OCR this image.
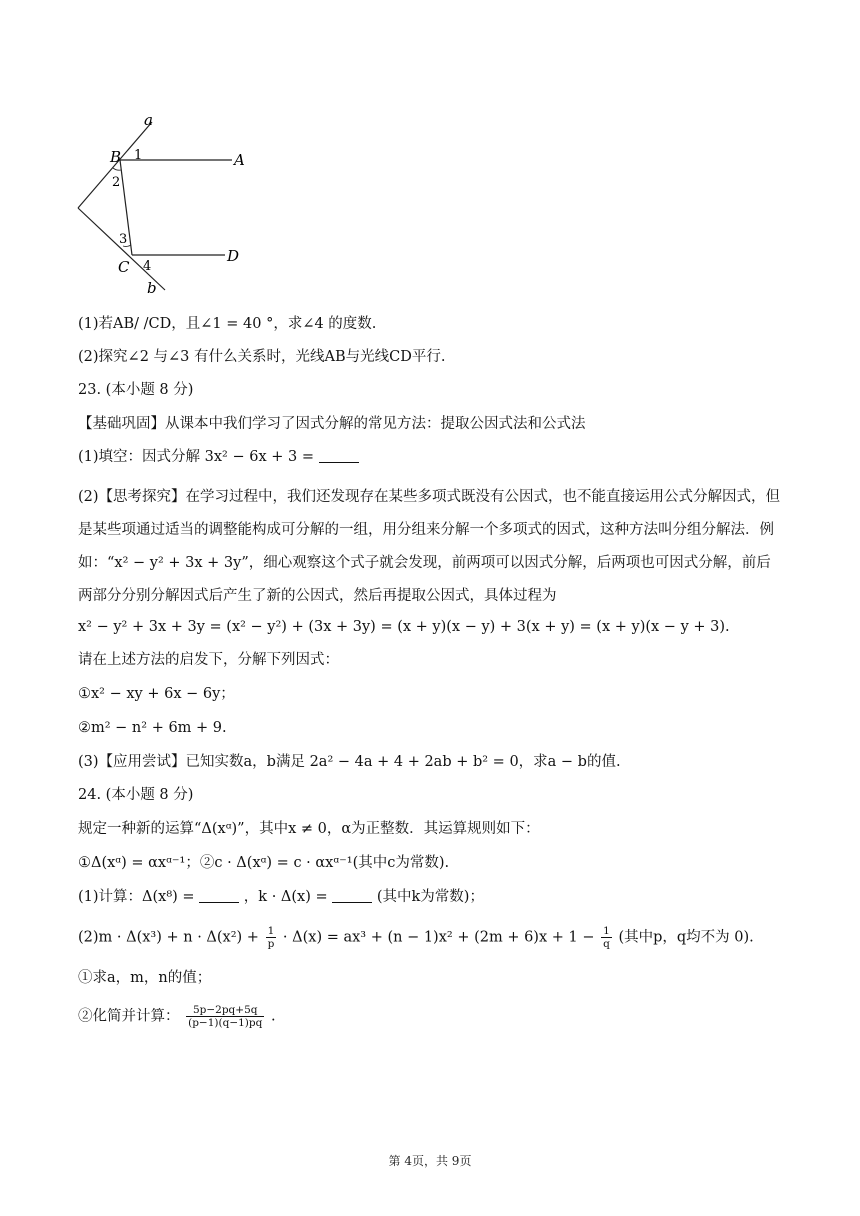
a
b
B
C
A
D
1
2
3
4
(1)若AB/ /CD，且∠1 = 40 °，求∠4 的度数.
(2)探究∠2 与∠3 有什么关系时，光线AB与光线CD平行.
23. (本小题 8 分)
【基础巩固】从课本中我们学习了因式分解的常见方法：提取公因式法和公式法
(1)填空：因式分解 3x² − 6x + 3 =
(2)【思考探究】在学习过程中，我们还发现存在某些多项式既没有公因式，也不能直接运用公式分解因式，但是某些项通过适当的调整能构成可分解的一组，用分组来分解一个多项式的因式，这种方法叫分组分解法．例如：“x² − y² + 3x + 3y”，细心观察这个式子就会发现，前两项可以因式分解，后两项也可因式分解，前后两部分分别分解因式后产生了新的公因式，然后再提取公因式，具体过程为
x² − y² + 3x + 3y = (x² − y²) + (3x + 3y) = (x + y)(x − y) + 3(x + y) = (x + y)(x − y + 3).
请在上述方法的启发下，分解下列因式：
①x² − xy + 6x − 6y；
②m² − n² + 6m + 9.
(3)【应用尝试】已知实数a，b满足 2a² − 4a + 4 + 2ab + b² = 0，求a − b的值.
24. (本小题 8 分)
规定一种新的运算“Δ(xᵅ)”，其中x ≠ 0，α为正整数．其运算规则如下：
①Δ(xᵅ) = αxᵅ⁻¹；②c · Δ(xᵅ) = c · αxᵅ⁻¹(其中c为常数).
(1)计算：Δ(x⁸) =	，k · Δ(x) =	(其中k为常数)；
$(2)m \cdot \Delta(x^3) + n \cdot \Delta(x^2) + \frac{1}{p} \cdot \Delta(x) = ax^3 + (n - 1)x^2 + (2m + 6)x + 1 - \frac{1}{q}$ (其中p，q均不为 0).
①求a，m，n的值；
②化简并计算： $\frac{5p-2pq+5q}{(p-1)(q-1)pq}$ .
第 4页，共 9页
